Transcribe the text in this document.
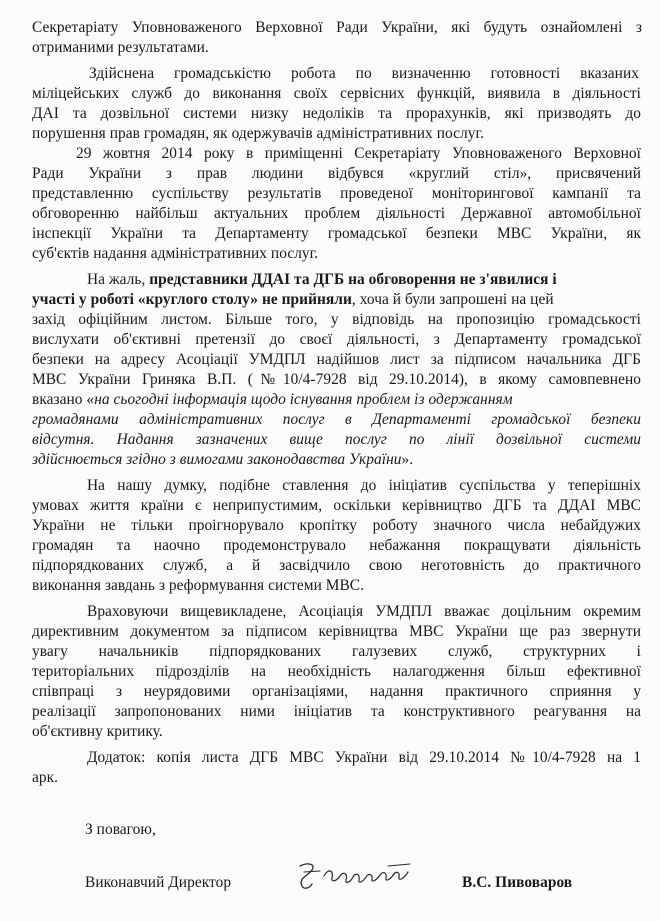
Секретаріату Уповноваженого Верховної Ради України, які будуть ознайомлені з
отриманими результатами.
Здійснена громадськістю робота по визначенню готовності вказаних
міліцейських служб до виконання своїх сервісних функцій, виявила в діяльності
ДАІ та дозвільної системи низку недоліків та прорахунків, які призводять до
порушення прав громадян, як одержувачів адміністративних послуг.
29 жовтня 2014 року в приміщенні Секретаріату Уповноваженого Верховної
Ради України з прав людини відбувся «круглий стіл», присвячений
представленню суспільству результатів проведеної моніторингової кампанії та
обговоренню найбільш актуальних проблем діяльності Державної автомобільної
інспекції України та Департаменту громадської безпеки МВС України, як
суб'єктів надання адміністративних послуг.
На жаль, представники ДДАІ та ДГБ на обговорення не з'явилися і
участі у роботі «круглого столу» не прийняли, хоча й були запрошені на цей
захід офіційним листом. Більше того, у відповідь на пропозицію громадськості
вислухати об'єктивні претензії до своєї діяльності, з Департаменту громадської
безпеки на адресу Асоціації УМДПЛ надійшов лист за підписом начальника ДГБ
МВС України Гриняка В.П. (№10/4-7928 від 29.10.2014), в якому самовпевнено
вказано «на сьогодні інформація щодо існування проблем із одержанням
громадянами адміністративних послуг в Департаменті громадської безпеки
відсутня. Надання зазначених вище послуг по лінії дозвільної системи
здійснюється згідно з вимогами законодавства України».
На нашу думку, подібне ставлення до ініціатив суспільства у теперішніх
умовах життя країни є неприпустимим, оскільки керівництво ДГБ та ДДАІ МВС
України не тільки проігнорувало кропітку роботу значного числа небайдужих
громадян та наочно продемонструвало небажання покращувати діяльність
підпорядкованих служб, а й засвідчило свою неготовність до практичного
виконання завдань з реформування системи МВС.
Враховуючи вищевикладене, Асоціація УМДПЛ вважає доцільним окремим
директивним документом за підписом керівництва МВС України ще раз звернути
увагу начальників підпорядкованих галузевих служб, структурних і
територіальних підрозділів на необхідність налагодження більш ефективної
співпраці з неурядовими організаціями, надання практичного сприяння у
реалізації запропонованих ними ініціатив та конструктивного реагування на
об'єктивну критику.
Додаток: копія листа ДГБ МВС України від 29.10.2014 №10/4-7928 на 1
арк.
З повагою,
Виконавчий Директор	В.С. Пивоваров
